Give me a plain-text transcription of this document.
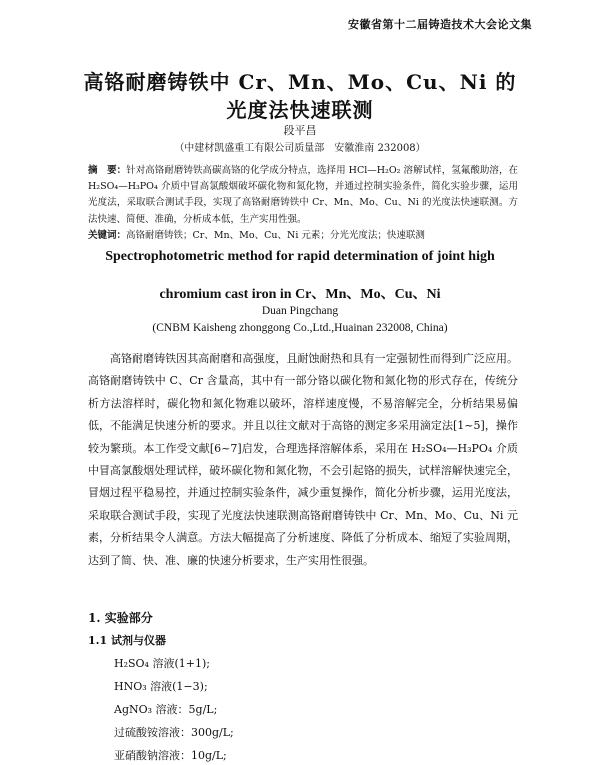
安徽省第十二届铸造技术大会论文集
高铬耐磨铸铁中 Cr、Mn、Mo、Cu、Ni 的
光度法快速联测
段平昌
（中建材凯盛重工有限公司质量部　安徽淮南 232008）
摘　要：针对高铬耐磨铸铁高碳高铬的化学成分特点，选择用 HCl—H₂O₂ 溶解试样，氢氟酸助溶，在 H₂SO₄—H₃PO₄ 介质中冒高氯酸烟破坏碳化物和氮化物，并通过控制实验条件，简化实验步骤，运用光度法，采取联合测试手段，实现了高铬耐磨铸铁中 Cr、Mn、Mo、Cu、Ni 的光度法快速联测。方法快速、简便、准确，分析成本低，生产实用性强。
关键词：高铬耐磨铸铁；Cr、Mn、Mo、Cu、Ni 元素；分光光度法；快速联测
Spectrophotometric method for rapid determination of joint high
chromium cast iron in Cr、Mn、Mo、Cu、Ni
Duan Pingchang
(CNBM Kaisheng zhonggong Co.,Ltd.,Huainan 232008, China)
高铬耐磨铸铁因其高耐磨和高强度，且耐蚀耐热和具有一定强韧性而得到广泛应用。高铬耐磨铸铁中 C、Cr 含量高，其中有一部分铬以碳化物和氮化物的形式存在，传统分析方法溶样时，碳化物和氮化物难以破坏，溶样速度慢，不易溶解完全，分析结果易偏低，不能满足快速分析的要求。并且以往文献对于高铬的测定多采用滴定法[1~5]，操作较为繁琐。本工作受文献[6~7]启发，合理选择溶解体系，采用在 H₂SO₄—H₃PO₄ 介质中冒高氯酸烟处理试样，破坏碳化物和氮化物，不会引起铬的损失，试样溶解快速完全，冒烟过程平稳易控，并通过控制实验条件，减少重复操作，简化分析步骤，运用光度法，采取联合测试手段，实现了光度法快速联测高铬耐磨铸铁中 Cr、Mn、Mo、Cu、Ni 元素，分析结果令人满意。方法大幅提高了分析速度、降低了分析成本、缩短了实验周期，达到了简、快、准、廉的快速分析要求，生产实用性很强。
1. 实验部分
1.1 试剂与仪器
H₂SO₄ 溶液(1+1);
HNO₃ 溶液(1−3);
AgNO₃ 溶液：5g/L;
过硫酸铵溶液：300g/L;
亚硝酸钠溶液：10g/L;
